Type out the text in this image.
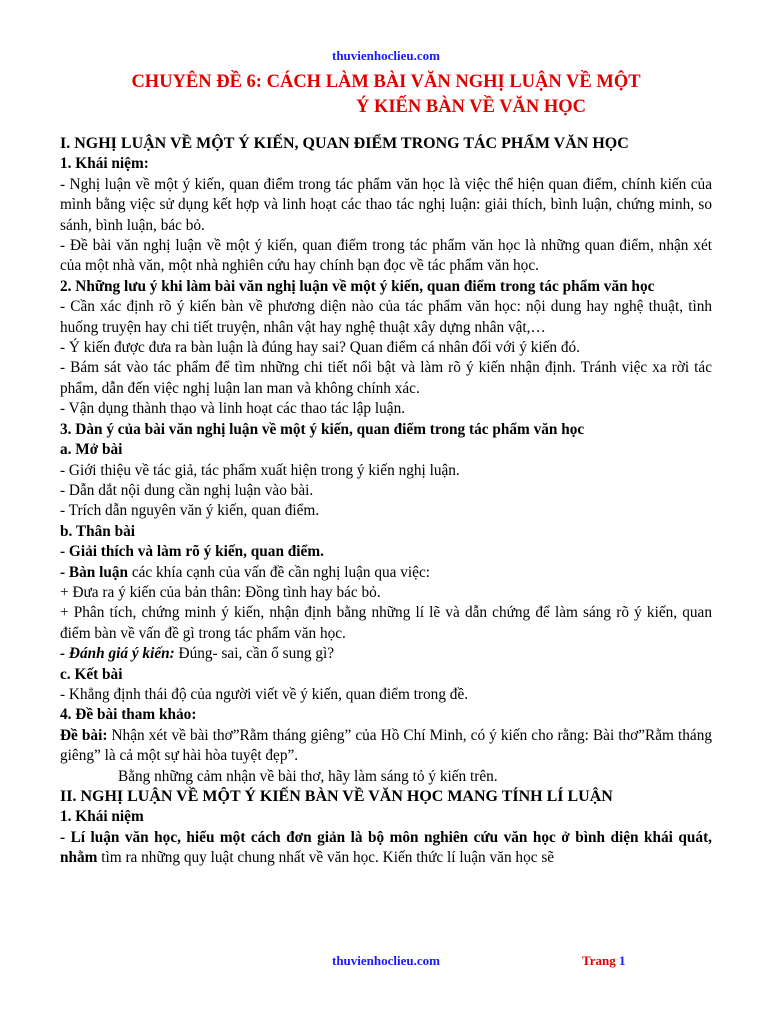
thuvienhoclieu.com
CHUYÊN ĐỀ 6: CÁCH LÀM BÀI VĂN NGHỊ LUẬN VỀ MỘT
Ý KIẾN BÀN VỀ VĂN HỌC

I. NGHỊ LUẬN VỀ MỘT Ý KIẾN, QUAN ĐIỂM TRONG TÁC PHẨM VĂN HỌC

1. Khái niệm:

- Nghị luận về một ý kiến, quan điểm trong tác phẩm văn học là việc thể hiện quan điểm, chính kiến của mình bằng việc sử dụng kết hợp và linh hoạt các thao tác nghị luận: giải thích, bình luận, chứng minh, so sánh, bình luận, bác bỏ.

- Đề bài văn nghị luận về một ý kiến, quan điểm trong tác phẩm văn học là những quan điểm, nhận xét của một nhà văn, một nhà nghiên cứu hay chính bạn đọc về tác phẩm văn học.

2. Những lưu ý khi làm bài văn nghị luận về một ý kiến, quan điểm trong tác phẩm văn học

- Cần xác định rõ ý kiến bàn về phương diện nào của tác phẩm văn học: nội dung hay nghệ thuật, tình huống truyện hay chi tiết truyện, nhân vật hay nghệ thuật xây dựng nhân vật,…

- Ý kiến được đưa ra bàn luận là đúng hay sai? Quan điểm cá nhân đối với ý kiến đó.

- Bám sát vào tác phẩm để tìm những chi tiết nổi bật và làm rõ ý kiến nhận định. Tránh việc xa rời tác phẩm, dẫn đến việc nghị luận lan man và không chính xác.

- Vận dụng thành thạo và linh hoạt các thao tác lập luận.

3. Dàn ý của bài văn nghị luận về một ý kiến, quan điểm trong tác phẩm văn học

a. Mở bài

- Giới thiệu về tác giả, tác phẩm xuất hiện trong ý kiến nghị luận.

- Dẫn dắt nội dung cần nghị luận vào bài.

- Trích dẫn nguyên văn ý kiến, quan điểm.

b. Thân bài

- Giải thích và làm rõ ý kiến, quan điểm.

- Bàn luận các khía cạnh của vấn đề cần nghị luận qua việc:

+ Đưa ra ý kiến của bản thân: Đồng tình hay bác bỏ.

+ Phân tích, chứng minh ý kiến, nhận định bằng những lí lẽ và dẫn chứng để làm sáng rõ ý kiến, quan điểm bàn về vấn đề gì trong tác phẩm văn học.

- Đánh giá ý kiến: Đúng- sai, cần ổ sung gì?

c. Kết bài

- Khẳng định thái độ của người viết về ý kiến, quan điểm trong đề.

4. Đề bài tham khảo:

Đề bài: Nhận xét về bài thơ”Rằm tháng giêng” của Hồ Chí Minh, có ý kiến cho rằng: Bài thơ”Rằm tháng giêng” là cả một sự hài hòa tuyệt đẹp”.

Bằng những cảm nhận về bài thơ, hãy làm sáng tỏ ý kiến trên.

II. NGHỊ LUẬN VỀ MỘT Ý KIẾN BÀN VỀ VĂN HỌC MANG TÍNH LÍ LUẬN

1. Khái niệm

- Lí luận văn học, hiểu một cách đơn giản là bộ môn nghiên cứu văn học ở bình diện khái quát, nhằm tìm ra những quy luật chung nhất về văn học. Kiến thức lí luận văn học sẽ

thuvienhoclieu.com	Trang 1
